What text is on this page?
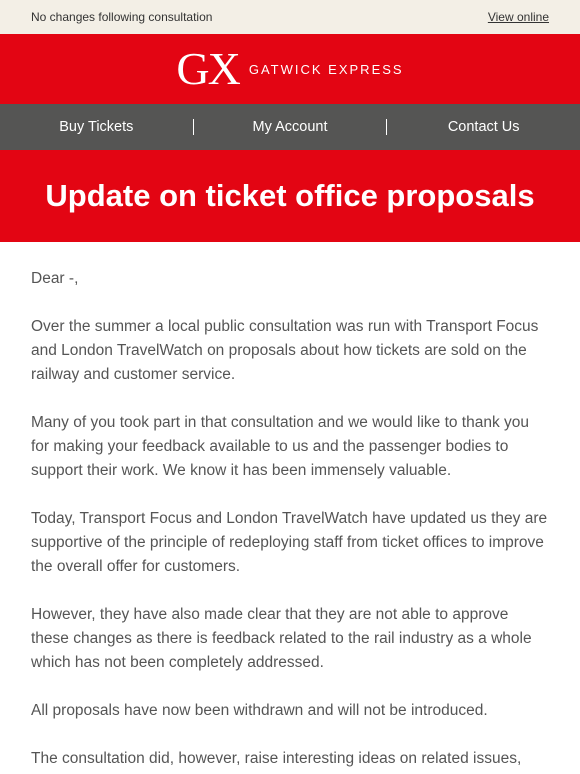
No changes following consultation	View online
GX GATWICK EXPRESS
Buy Tickets	My Account	Contact Us
Update on ticket office proposals

Dear -,

Over the summer a local public consultation was run with Transport Focus and London TravelWatch on proposals about how tickets are sold on the railway and customer service.

Many of you took part in that consultation and we would like to thank you for making your feedback available to us and the passenger bodies to support their work. We know it has been immensely valuable.

Today, Transport Focus and London TravelWatch have updated us they are supportive of the principle of redeploying staff from ticket offices to improve the overall offer for customers.

However, they have also made clear that they are not able to approve these changes as there is feedback related to the rail industry as a whole which has not been completely addressed.

All proposals have now been withdrawn and will not be introduced.

The consultation did, however, raise interesting ideas on related issues,
